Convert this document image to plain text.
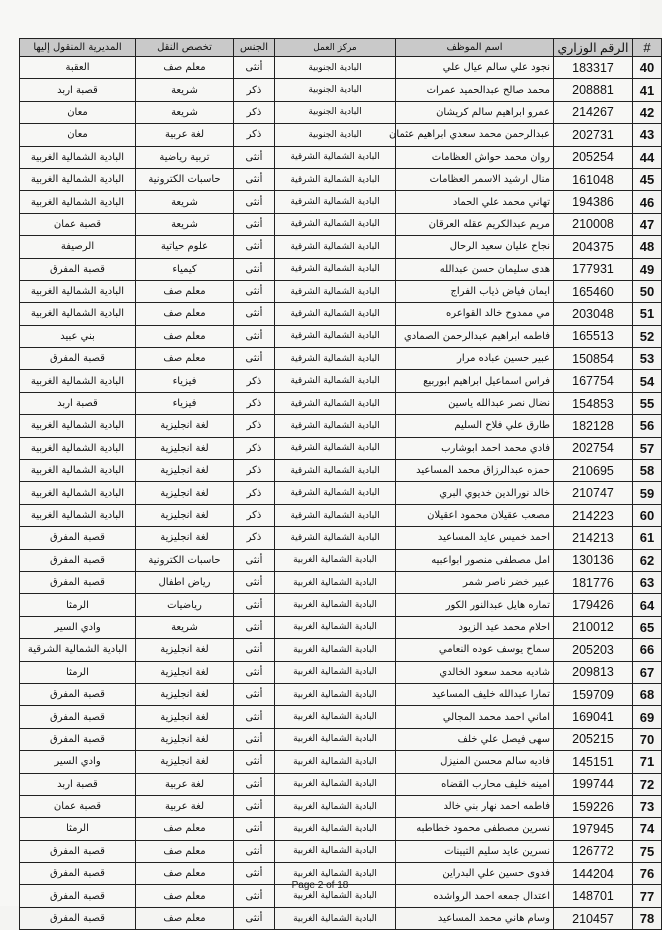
#	الرقم الوزاري	اسم الموظف	مركز العمل	الجنس	تخصص النقل	المديرية المنقول إليها
40	183317	نجود علي سالم عيال علي	البادية الجنوبية	أنثى	معلم صف	العقبة
41	208881	محمد صالح عبدالحميد عمرات	البادية الجنوبية	ذكر	شريعة	قصبة اربد
42	214267	عمرو ابراهيم سالم كريشان	البادية الجنوبية	ذكر	شريعة	معان
43	202731	عبدالرحمن محمد سعدي ابراهيم عثمان	البادية الجنوبية	ذكر	لغة عربية	معان
44	205254	روان محمد حواش العظامات	البادية الشمالية الشرقية	أنثى	تربية رياضية	البادية الشمالية الغربية
45	161048	منال ارشيد الاسمر العظامات	البادية الشمالية الشرقية	أنثى	حاسبات الكترونية	البادية الشمالية الغربية
46	194386	تهاني محمد علي الحماد	البادية الشمالية الشرقية	أنثى	شريعة	البادية الشمالية الغربية
47	210008	مريم عبدالكريم عقله العرقان	البادية الشمالية الشرقية	أنثى	شريعة	قصبة عمان
48	204375	نجاح عليان سعيد الرحال	البادية الشمالية الشرقية	أنثى	علوم حياتية	الرصيفة
49	177931	هدى سليمان حسن عبدالله	البادية الشمالية الشرقية	أنثى	كيمياء	قصبة المفرق
50	165460	ايمان فياض ذياب الفراج	البادية الشمالية الشرقية	أنثى	معلم صف	البادية الشمالية الغربية
51	203048	مي ممدوح خالد القواعره	البادية الشمالية الشرقية	أنثى	معلم صف	البادية الشمالية الغربية
52	165513	فاطمه ابراهيم عبدالرحمن الصمادي	البادية الشمالية الشرقية	أنثى	معلم صف	بني عبيد
53	150854	عبير حسين عباده مرار	البادية الشمالية الشرقية	أنثى	معلم صف	قصبة المفرق
54	167754	فراس اسماعيل ابراهيم ابوربيع	البادية الشمالية الشرقية	ذكر	فيزياء	البادية الشمالية الغربية
55	154853	نضال نصر عبدالله ياسين	البادية الشمالية الشرقية	ذكر	فيزياء	قصبة اربد
56	182128	طارق علي فلاح السليم	البادية الشمالية الشرقية	ذكر	لغة انجليزية	البادية الشمالية الغربية
57	202754	فادي محمد احمد ابوشارب	البادية الشمالية الشرقية	ذكر	لغة انجليزية	البادية الشمالية الغربية
58	210695	حمزه عبدالرزاق محمد المساعيد	البادية الشمالية الشرقية	ذكر	لغة انجليزية	البادية الشمالية الغربية
59	210747	خالد نورالدين خديوي البري	البادية الشمالية الشرقية	ذكر	لغة انجليزية	البادية الشمالية الغربية
60	214223	مصعب عقيلان محمود اعقيلان	البادية الشمالية الشرقية	ذكر	لغة انجليزية	البادية الشمالية الغربية
61	214213	احمد خميس عايد المساعيد	البادية الشمالية الشرقية	ذكر	لغة انجليزية	قصبة المفرق
62	130136	امل مصطفى منصور ابواعبيه	البادية الشمالية الغربية	أنثى	حاسبات الكترونية	قصبة المفرق
63	181776	عبير خضر ناصر شمر	البادية الشمالية الغربية	أنثى	رياض اطفال	قصبة المفرق
64	179426	تماره هايل عبدالنور الكور	البادية الشمالية الغربية	أنثى	رياضيات	الرمثا
65	210012	احلام محمد عيد الزيود	البادية الشمالية الغربية	أنثى	شريعة	وادي السير
66	205203	سماح يوسف عوده النعامي	البادية الشمالية الغربية	أنثى	لغة انجليزية	البادية الشمالية الشرقية
67	209813	شاديه محمد سعود الخالدي	البادية الشمالية الغربية	أنثى	لغة انجليزية	الرمثا
68	159709	تمارا عبدالله خليف المساعيد	البادية الشمالية الغربية	أنثى	لغة انجليزية	قصبة المفرق
69	169041	اماني احمد محمد المجالي	البادية الشمالية الغربية	أنثى	لغة انجليزية	قصبة المفرق
70	205215	سهى فيصل علي خلف	البادية الشمالية الغربية	أنثى	لغة انجليزية	قصبة المفرق
71	145151	فاديه سالم محسن المنيزل	البادية الشمالية الغربية	أنثى	لغة انجليزية	وادي السير
72	199744	امينه خليف محارب القضاه	البادية الشمالية الغربية	أنثى	لغة عربية	قصبة اربد
73	159226	فاطمه احمد نهار بني خالد	البادية الشمالية الغربية	أنثى	لغة عربية	قصبة عمان
74	197945	نسرين مصطفى محمود خطاطبه	البادية الشمالية الغربية	أنثى	معلم صف	الرمثا
75	126772	نسرين عايد سليم التيينات	البادية الشمالية الغربية	أنثى	معلم صف	قصبة المفرق
76	144204	فدوى حسين علي البدراين	البادية الشمالية الغربية	أنثى	معلم صف	قصبة المفرق
77	148701	اعتدال جمعه احمد الرواشده	البادية الشمالية الغربية	أنثى	معلم صف	قصبة المفرق
78	210457	وسام هاني محمد المساعيد	البادية الشمالية الغربية	أنثى	معلم صف	قصبة المفرق
Page 2 of 18
